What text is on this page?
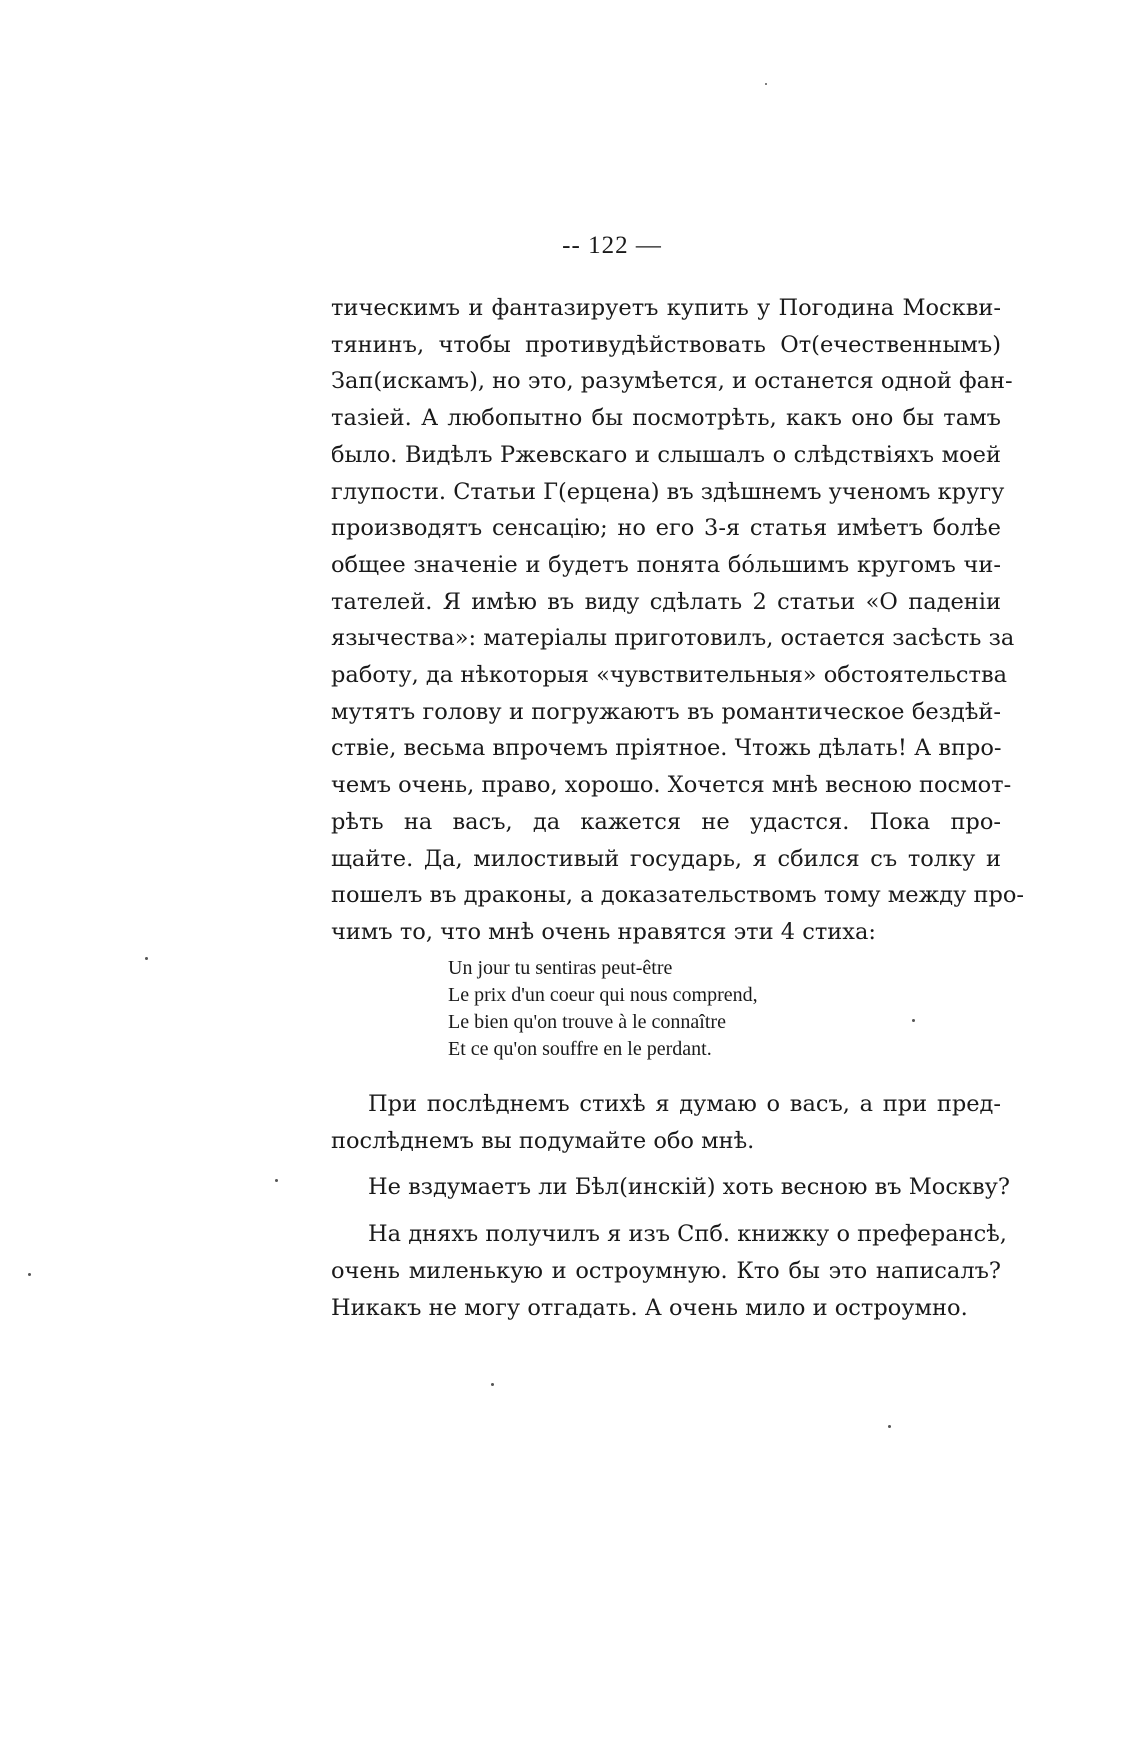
-- 122 —
тическимъ и фантазируетъ купить у Погодина Москви-
тянинъ, чтобы противудѣйствовать От(ечественнымъ)
Зап(искамъ), но это, разумѣется, и останется одной фан-
тазіей. А любопытно бы посмотрѣть, какъ оно бы тамъ
было. Видѣлъ Ржевскаго и слышалъ о слѣдствіяхъ моей
глупости. Статьи Г(ерцена) въ здѣшнемъ ученомъ кругу
производятъ сенсацію; но его 3-я статья имѣетъ болѣе
общее значеніе и будетъ понята бóльшимъ кругомъ чи-
тателей. Я имѣю въ виду сдѣлать 2 статьи «О паденіи
язычества»: матеріалы приготовилъ, остается засѣсть за
работу, да нѣкоторыя «чувствительныя» обстоятельства
мутятъ голову и погружаютъ въ романтическое бездѣй-
ствіе, весьма впрочемъ пріятное. Чтожь дѣлать! А впро-
чемъ очень, право, хорошо. Хочется мнѣ весною посмот-
рѣть на васъ, да кажется не удастся. Пока про-
щайте. Да, милостивый государь, я сбился съ толку и
пошелъ въ драконы, а доказательствомъ тому между про-
чимъ то, что мнѣ очень нравятся эти 4 стиха:
Un jour tu sentiras peut-être
Le prix d'un coeur qui nous comprend,
Le bien qu'on trouve à le connaître
Et ce qu'on souffre en le perdant.
При послѣднемъ стихѣ я думаю о васъ, а при пред-
послѣднемъ вы подумайте обо мнѣ.
Не вздумаетъ ли Бѣл(инскій) хоть весною въ Москву?
На дняхъ получилъ я изъ Спб. книжку о преферансѣ,
очень миленькую и остроумную. Кто бы это написалъ?
Никакъ не могу отгадать. А очень мило и остроумно.
